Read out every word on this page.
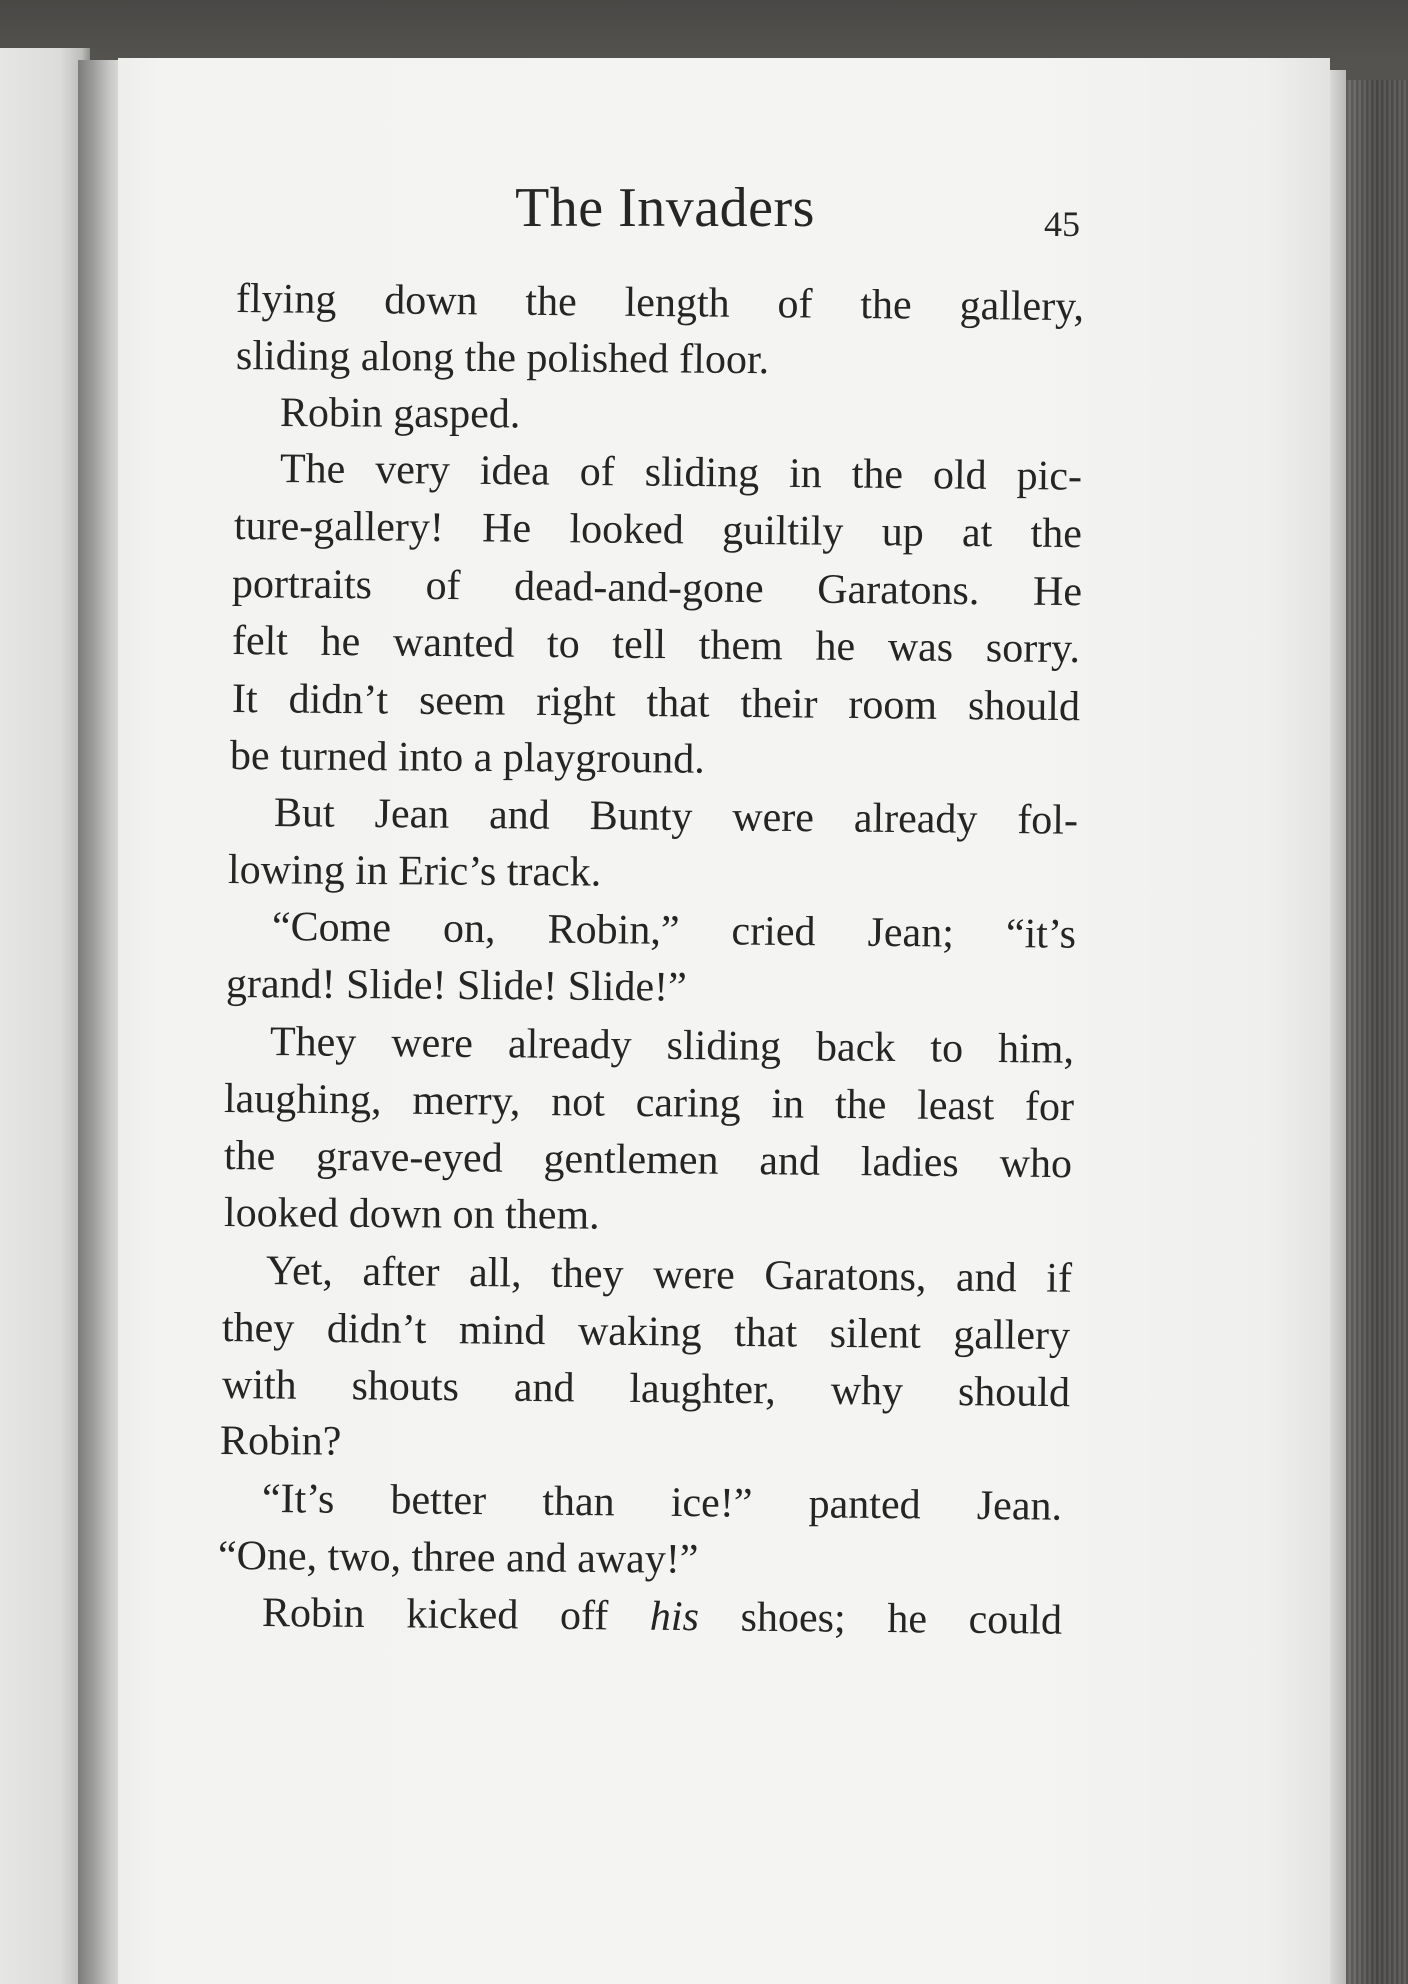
The Invaders	45
flying down the length of the gallery,
sliding along the polished floor.
Robin gasped.
The very idea of sliding in the old pic-
ture-gallery! He looked guiltily up at the
portraits of dead-and-gone Garatons. He
felt he wanted to tell them he was sorry.
It didn’t seem right that their room should
be turned into a playground.
But Jean and Bunty were already fol-
lowing in Eric’s track.
“Come on, Robin,” cried Jean; “it’s
grand! Slide! Slide! Slide!”
They were already sliding back to him,
laughing, merry, not caring in the least for
the grave-eyed gentlemen and ladies who
looked down on them.
Yet, after all, they were Garatons, and if
they didn’t mind waking that silent gallery
with shouts and laughter, why should
Robin?
“It’s better than ice!” panted Jean.
“One, two, three and away!”
Robin kicked off his shoes; he could
